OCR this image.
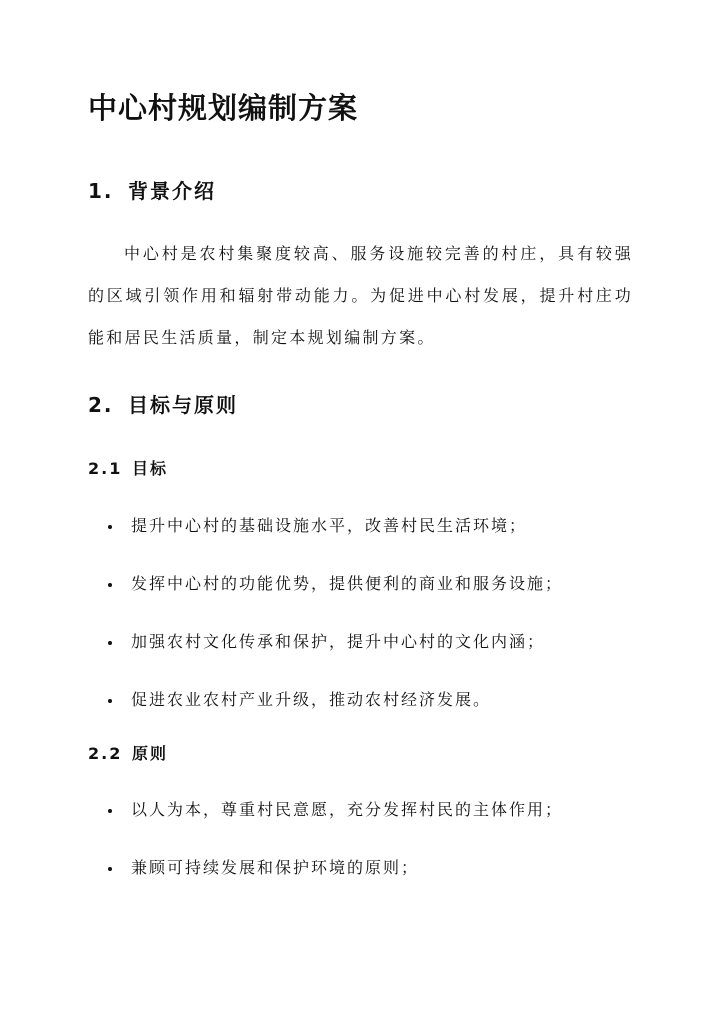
中心村规划编制方案
1. 背景介绍

中心村是农村集聚度较高、服务设施较完善的村庄，具有较强的区域引领作用和辐射带动能力。为促进中心村发展，提升村庄功能和居民生活质量，制定本规划编制方案。

2. 目标与原则
2.1 目标
提升中心村的基础设施水平，改善村民生活环境；
发挥中心村的功能优势，提供便利的商业和服务设施；
加强农村文化传承和保护，提升中心村的文化内涵；
促进农业农村产业升级，推动农村经济发展。
2.2 原则
以人为本，尊重村民意愿，充分发挥村民的主体作用；
兼顾可持续发展和保护环境的原则；
